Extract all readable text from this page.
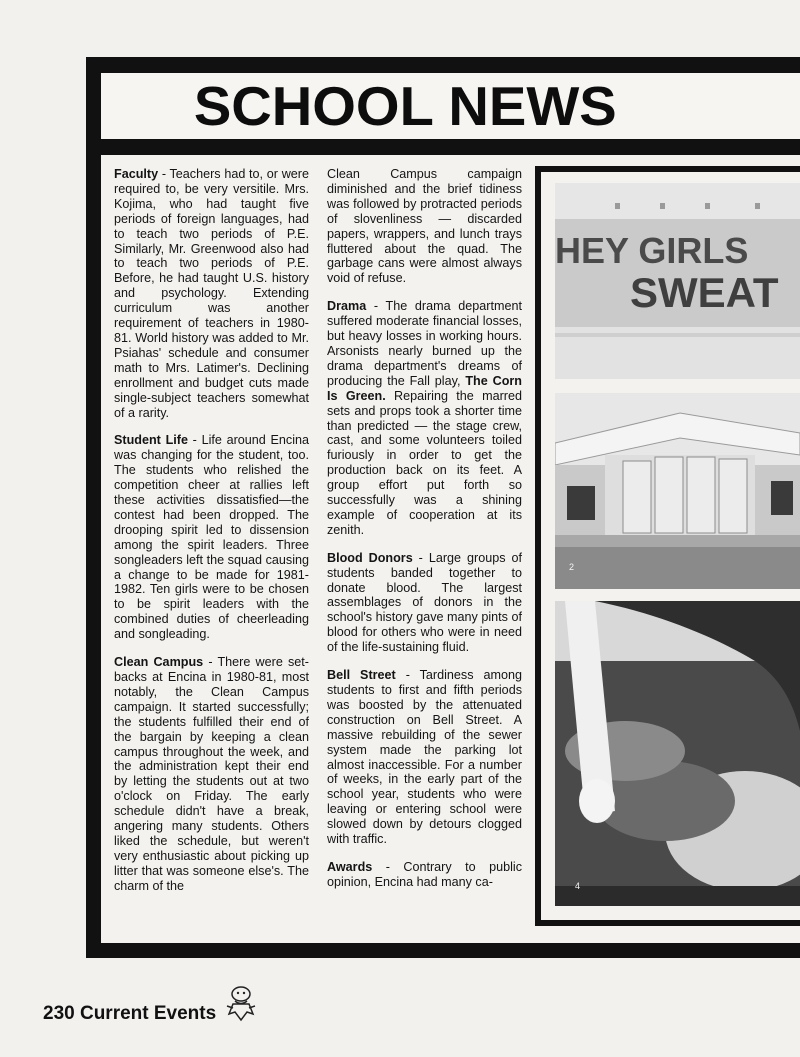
SCHOOL NEWS

Faculty - Teachers had to, or were required to, be very versitile. Mrs. Kojima, who had taught five periods of foreign languages, had to teach two periods of P.E. Similarly, Mr. Greenwood also had to teach two periods of P.E. Before, he had taught U.S. history and psychology. Extending curriculum was another requirement of teachers in 1980-81. World history was added to Mr. Psiahas' schedule and consumer math to Mrs. Latimer's. Declining enrollment and budget cuts made single-subject teachers somewhat of a rarity.

Student Life - Life around Encina was changing for the student, too. The students who relished the competition cheer at rallies left these activities dissatisfied—the contest had been dropped. The drooping spirit led to dissension among the spirit leaders. Three songleaders left the squad causing a change to be made for 1981-1982. Ten girls were to be chosen to be spirit leaders with the combined duties of cheerleading and songleading.

Clean Campus - There were set-backs at Encina in 1980-81, most notably, the Clean Campus campaign. It started successfully; the students fulfilled their end of the bargain by keeping a clean campus throughout the week, and the administration kept their end by letting the students out at two o'clock on Friday. The early schedule didn't have a break, angering many students. Others liked the schedule, but weren't very enthusiastic about picking up litter that was someone else's. The charm of the

Clean Campus campaign diminished and the brief tidiness was followed by protracted periods of slovenliness — discarded papers, wrappers, and lunch trays fluttered about the quad. The garbage cans were almost always void of refuse.

Drama - The drama department suffered moderate financial losses, but heavy losses in working hours. Arsonists nearly burned up the drama department's dreams of producing the Fall play, The Corn Is Green. Repairing the marred sets and props took a shorter time than predicted — the stage crew, cast, and some volunteers toiled furiously in order to get the production back on its feet. A group effort put forth so successfully was a shining example of cooperation at its zenith.

Blood Donors - Large groups of students banded together to donate blood. The largest assemblages of donors in the school's history gave many pints of blood for others who were in need of the life-sustaining fluid.

Bell Street - Tardiness among students to first and fifth periods was boosted by the attenuated construction on Bell Street. A massive rebuilding of the sewer system made the parking lot almost inaccessible. For a number of weeks, in the early part of the school year, students who were leaving or entering school were slowed down by detours clogged with traffic.

Awards - Contrary to public opinion, Encina had many ca-

HEY GIRLS
SWEAT
2
4
230 Current Events
